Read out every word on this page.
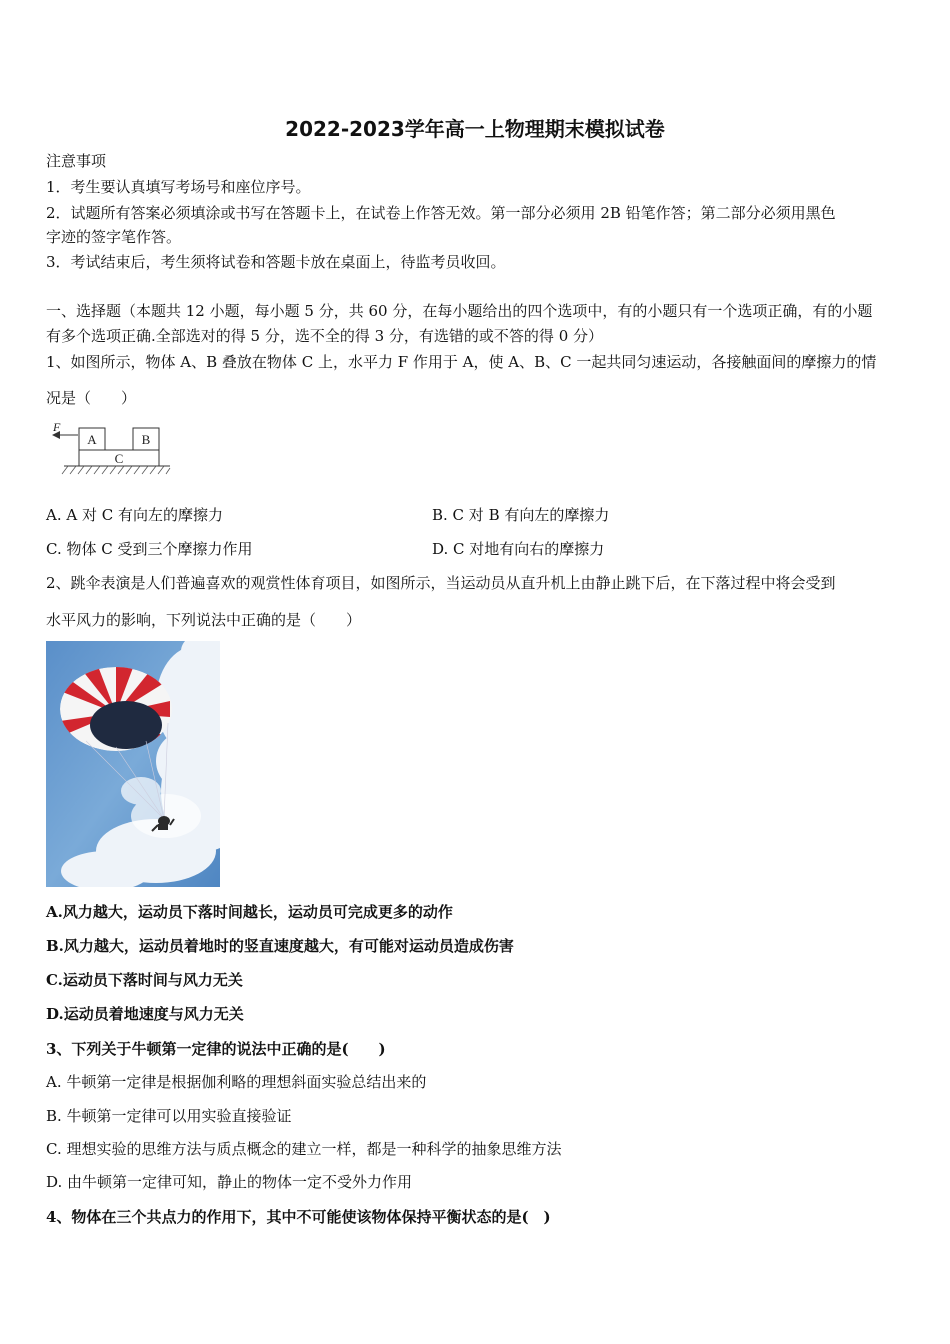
2022-2023学年高一上物理期末模拟试卷
注意事项
1．考生要认真填写考场号和座位序号。
2．试题所有答案必须填涂或书写在答题卡上，在试卷上作答无效。第一部分必须用 2B 铅笔作答；第二部分必须用黑色
字迹的签字笔作答。
3．考试结束后，考生须将试卷和答题卡放在桌面上，待监考员收回。
一、选择题（本题共 12 小题，每小题 5 分，共 60 分，在每小题给出的四个选项中，有的小题只有一个选项正确，有的小题
有多个选项正确.全部选对的得 5 分，选不全的得 3 分，有选错的或不答的得 0 分）
1、如图所示，物体 A、B 叠放在物体 C 上，水平力 F 作用于 A，使 A、B、C 一起共同匀速运动，各接触面间的摩擦力的情
况是（　　）
F
A	B
C
A. A 对 C 有向左的摩擦力	B. C 对 B 有向左的摩擦力
C. 物体 C 受到三个摩擦力作用	D. C 对地有向右的摩擦力
2、跳伞表演是人们普遍喜欢的观赏性体育项目，如图所示，当运动员从直升机上由静止跳下后，在下落过程中将会受到
水平风力的影响，下列说法中正确的是（　　）
A.风力越大，运动员下落时间越长，运动员可完成更多的动作
B.风力越大，运动员着地时的竖直速度越大，有可能对运动员造成伤害
C.运动员下落时间与风力无关
D.运动员着地速度与风力无关
3、下列关于牛顿第一定律的说法中正确的是(　　)
A. 牛顿第一定律是根据伽利略的理想斜面实验总结出来的
B. 牛顿第一定律可以用实验直接验证
C. 理想实验的思维方法与质点概念的建立一样，都是一种科学的抽象思维方法
D. 由牛顿第一定律可知，静止的物体一定不受外力作用
4、物体在三个共点力的作用下，其中不可能使该物体保持平衡状态的是(　)
